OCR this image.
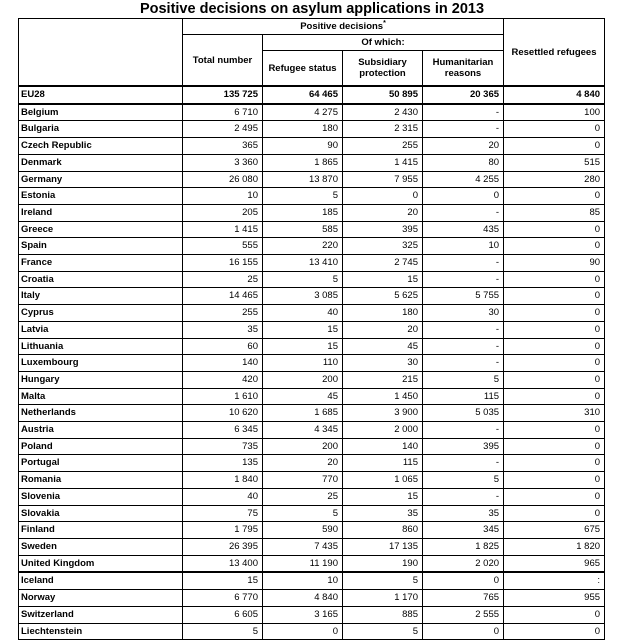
Positive decisions on asylum applications in 2013
	Positive decisions*				Resettled refugees
	Total number	Of which:			
		Refugee status	Subsidiary protection	Humanitarian reasons	
EU28	135 725	64 465	50 895	20 365	4 840
Belgium	6 710	4 275	2 430	-	100
Bulgaria	2 495	180	2 315	-	0
Czech Republic	365	90	255	20	0
Denmark	3 360	1 865	1 415	80	515
Germany	26 080	13 870	7 955	4 255	280
Estonia	10	5	0	0	0
Ireland	205	185	20	-	85
Greece	1 415	585	395	435	0
Spain	555	220	325	10	0
France	16 155	13 410	2 745	-	90
Croatia	25	5	15	-	0
Italy	14 465	3 085	5 625	5 755	0
Cyprus	255	40	180	30	0
Latvia	35	15	20	-	0
Lithuania	60	15	45	-	0
Luxembourg	140	110	30	-	0
Hungary	420	200	215	5	0
Malta	1 610	45	1 450	115	0
Netherlands	10 620	1 685	3 900	5 035	310
Austria	6 345	4 345	2 000	-	0
Poland	735	200	140	395	0
Portugal	135	20	115	-	0
Romania	1 840	770	1 065	5	0
Slovenia	40	25	15	-	0
Slovakia	75	5	35	35	0
Finland	1 795	590	860	345	675
Sweden	26 395	7 435	17 135	1 825	1 820
United Kingdom	13 400	11 190	190	2 020	965
Iceland	15	10	5	0	:
Norway	6 770	4 840	1 170	765	955
Switzerland	6 605	3 165	885	2 555	0
Liechtenstein	5	0	5	0	0
